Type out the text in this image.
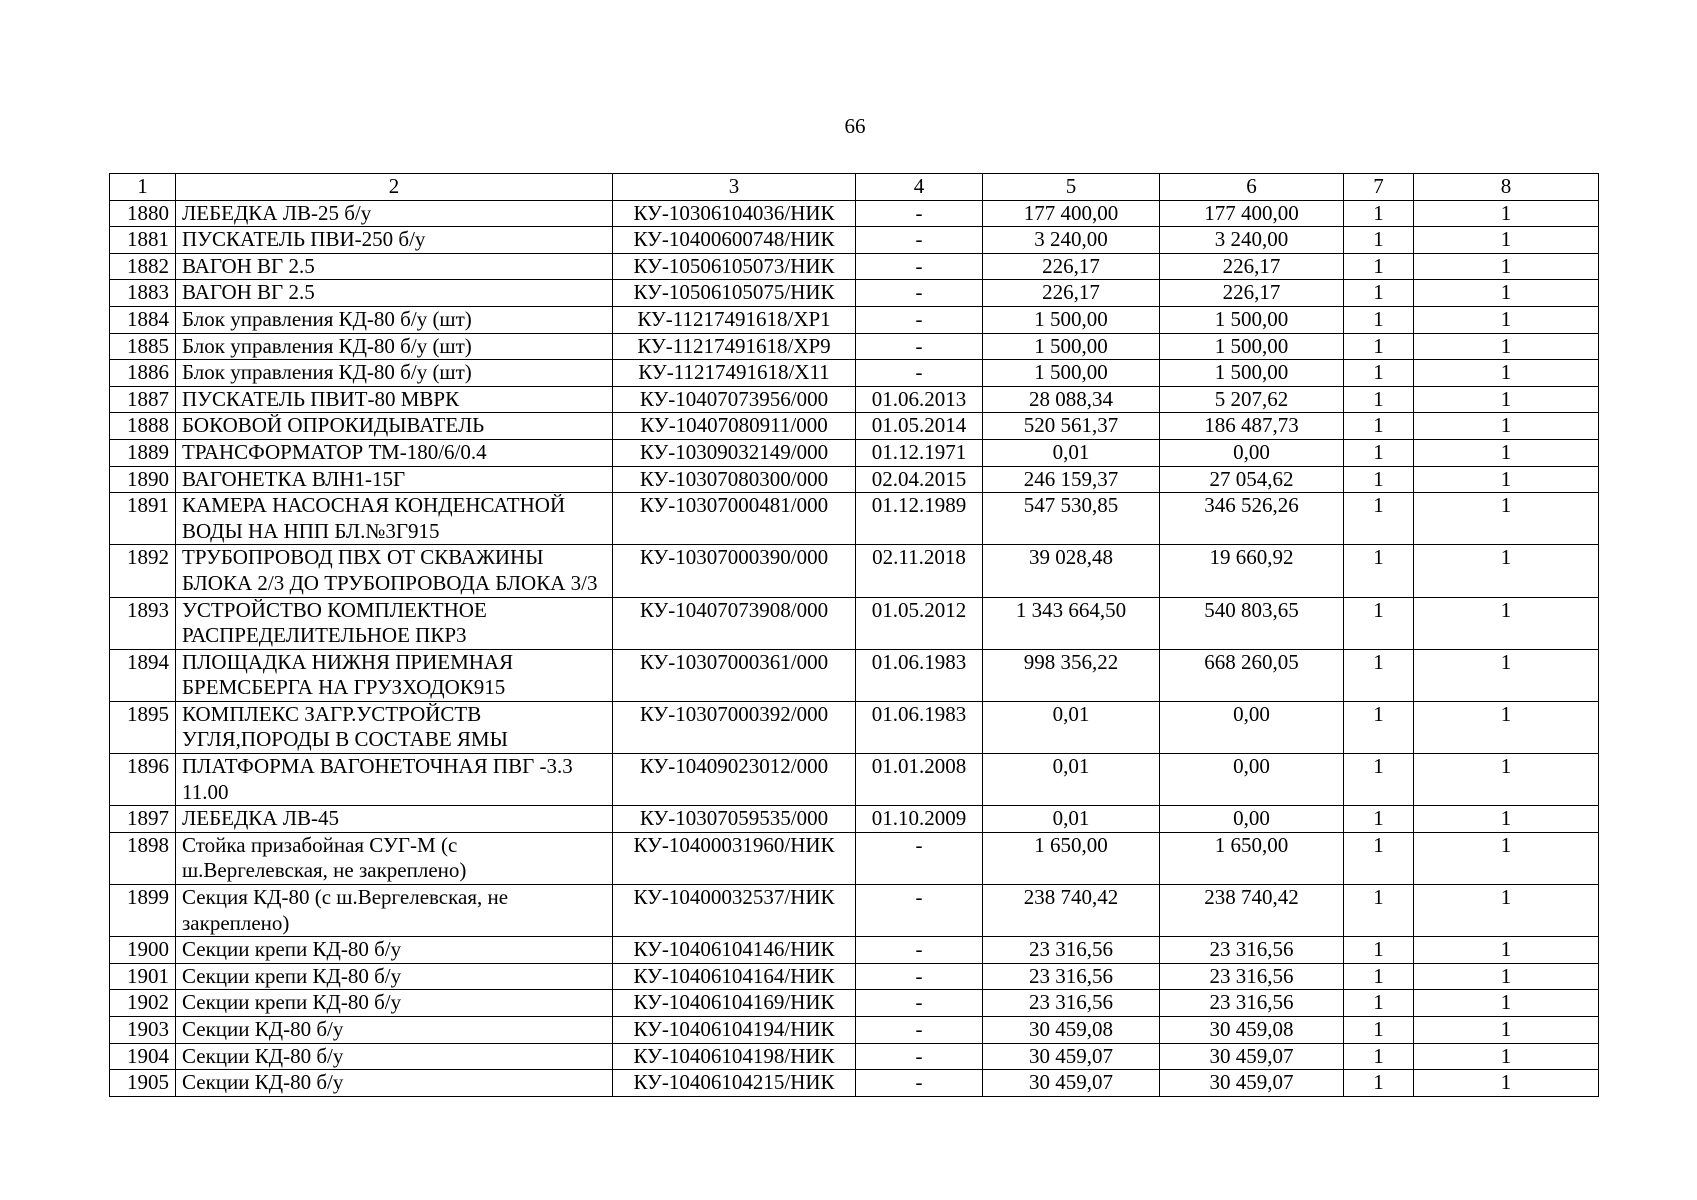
66
1	2	3	4	5	6	7	8
1880	ЛЕБЕДКА ЛВ-25 б/у	КУ-10306104036/НИК	-	177 400,00	177 400,00	1	1
1881	ПУСКАТЕЛЬ ПВИ-250 б/у	КУ-10400600748/НИК	-	3 240,00	3 240,00	1	1
1882	ВАГОН ВГ 2.5	КУ-10506105073/НИК	-	226,17	226,17	1	1
1883	ВАГОН ВГ 2.5	КУ-10506105075/НИК	-	226,17	226,17	1	1
1884	Блок управления КД-80 б/у (шт)	КУ-11217491618/ХР1	-	1 500,00	1 500,00	1	1
1885	Блок управления КД-80 б/у (шт)	КУ-11217491618/ХР9	-	1 500,00	1 500,00	1	1
1886	Блок управления КД-80 б/у (шт)	КУ-11217491618/Х11	-	1 500,00	1 500,00	1	1
1887	ПУСКАТЕЛЬ ПВИТ-80 МВРК	КУ-10407073956/000	01.06.2013	28 088,34	5 207,62	1	1
1888	БОКОВОЙ ОПРОКИДЫВАТЕЛЬ	КУ-10407080911/000	01.05.2014	520 561,37	186 487,73	1	1
1889	ТРАНСФОРМАТОР ТМ-180/6/0.4	КУ-10309032149/000	01.12.1971	0,01	0,00	1	1
1890	ВАГОНЕТКА ВЛН1-15Г	КУ-10307080300/000	02.04.2015	246 159,37	27 054,62	1	1
1891	КАМЕРА НАСОСНАЯ КОНДЕНСАТНОЙ ВОДЫ НА НПП БЛ.№3Г915	КУ-10307000481/000	01.12.1989	547 530,85	346 526,26	1	1
1892	ТРУБОПРОВОД ПВХ ОТ СКВАЖИНЫ БЛОКА 2/3 ДО ТРУБОПРОВОДА БЛОКА 3/3	КУ-10307000390/000	02.11.2018	39 028,48	19 660,92	1	1
1893	УСТРОЙСТВО КОМПЛЕКТНОЕ РАСПРЕДЕЛИТЕЛЬНОЕ ПКР3	КУ-10407073908/000	01.05.2012	1 343 664,50	540 803,65	1	1
1894	ПЛОЩАДКА НИЖНЯ ПРИЕМНАЯ БРЕМСБЕРГА НА ГРУЗХОДОК915	КУ-10307000361/000	01.06.1983	998 356,22	668 260,05	1	1
1895	КОМПЛЕКС ЗАГР.УСТРОЙСТВ УГЛЯ,ПОРОДЫ В СОСТАВЕ ЯМЫ	КУ-10307000392/000	01.06.1983	0,01	0,00	1	1
1896	ПЛАТФОРМА ВАГОНЕТОЧНАЯ ПВГ -3.3 11.00	КУ-10409023012/000	01.01.2008	0,01	0,00	1	1
1897	ЛЕБЕДКА ЛВ-45	КУ-10307059535/000	01.10.2009	0,01	0,00	1	1
1898	Стойка призабойная СУГ-М (с ш.Вергелевская, не закреплено)	КУ-10400031960/НИК	-	1 650,00	1 650,00	1	1
1899	Секция КД-80 (с ш.Вергелевская, не закреплено)	КУ-10400032537/НИК	-	238 740,42	238 740,42	1	1
1900	Секции крепи КД-80 б/у	КУ-10406104146/НИК	-	23 316,56	23 316,56	1	1
1901	Секции крепи КД-80 б/у	КУ-10406104164/НИК	-	23 316,56	23 316,56	1	1
1902	Секции крепи КД-80 б/у	КУ-10406104169/НИК	-	23 316,56	23 316,56	1	1
1903	Секции КД-80 б/у	КУ-10406104194/НИК	-	30 459,08	30 459,08	1	1
1904	Секции КД-80 б/у	КУ-10406104198/НИК	-	30 459,07	30 459,07	1	1
1905	Секции КД-80 б/у	КУ-10406104215/НИК	-	30 459,07	30 459,07	1	1
